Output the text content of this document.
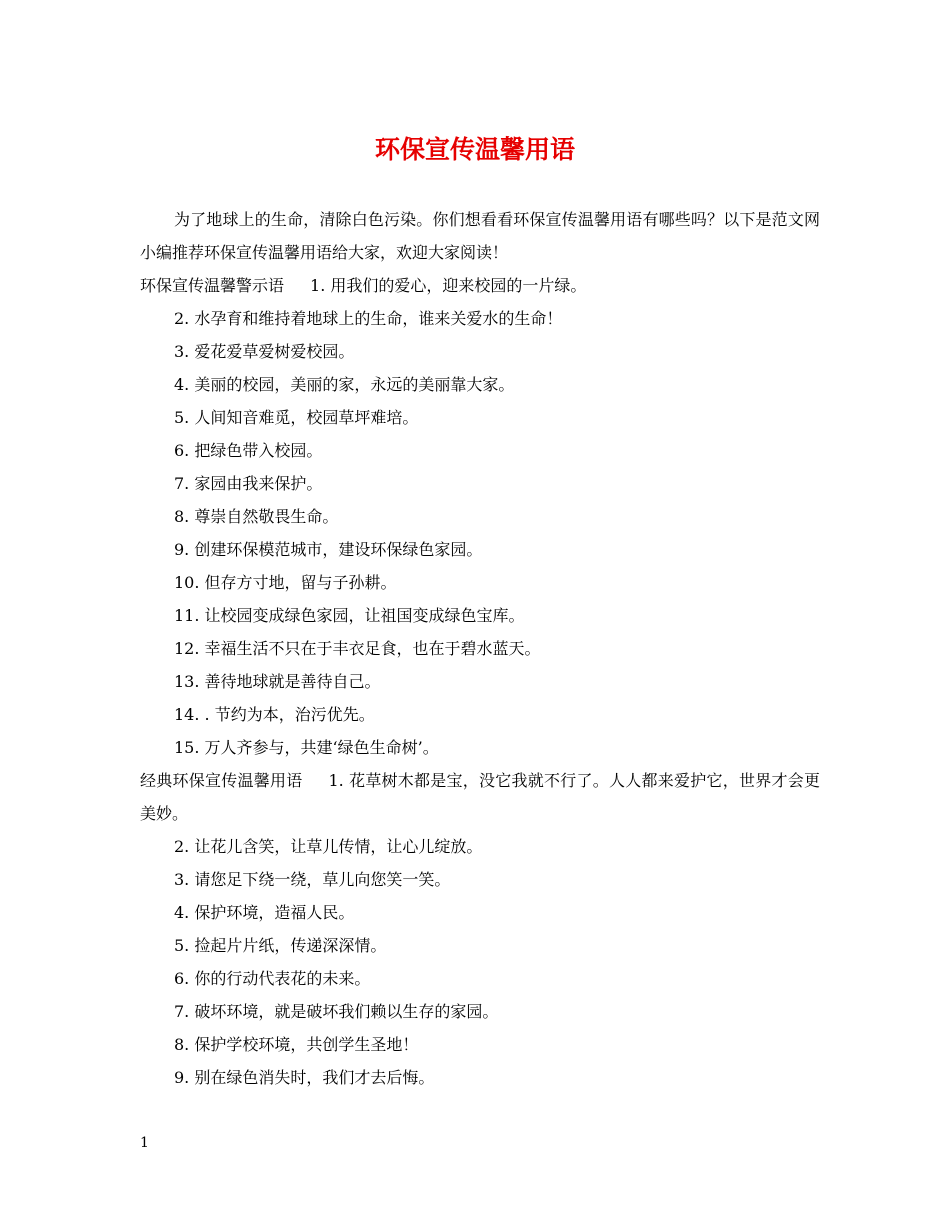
环保宣传温馨用语

为了地球上的生命，清除白色污染。你们想看看环保宣传温馨用语有哪些吗？以下是范文网小编推荐环保宣传温馨用语给大家，欢迎大家阅读！

环保宣传温馨警示语 1. 用我们的爱心，迎来校园的一片绿。

2. 水孕育和维持着地球上的生命，谁来关爱水的生命！

3. 爱花爱草爱树爱校园。

4. 美丽的校园，美丽的家，永远的美丽靠大家。

5. 人间知音难觅，校园草坪难培。

6. 把绿色带入校园。

7. 家园由我来保护。

8. 尊崇自然敬畏生命。

9. 创建环保模范城市，建设环保绿色家园。

10. 但存方寸地，留与子孙耕。

11. 让校园变成绿色家园，让祖国变成绿色宝库。

12. 幸福生活不只在于丰衣足食，也在于碧水蓝天。

13. 善待地球就是善待自己。

14. . 节约为本，治污优先。

15. 万人齐参与，共建‘绿色生命树’。

经典环保宣传温馨用语 1. 花草树木都是宝，没它我就不行了。人人都来爱护它，世界才会更美妙。

2. 让花儿含笑，让草儿传情，让心儿绽放。

3. 请您足下绕一绕，草儿向您笑一笑。

4. 保护环境，造福人民。

5. 捡起片片纸，传递深深情。

6. 你的行动代表花的未来。

7. 破坏环境，就是破坏我们赖以生存的家园。

8. 保护学校环境，共创学生圣地！

9. 别在绿色消失时，我们才去后悔。

1
